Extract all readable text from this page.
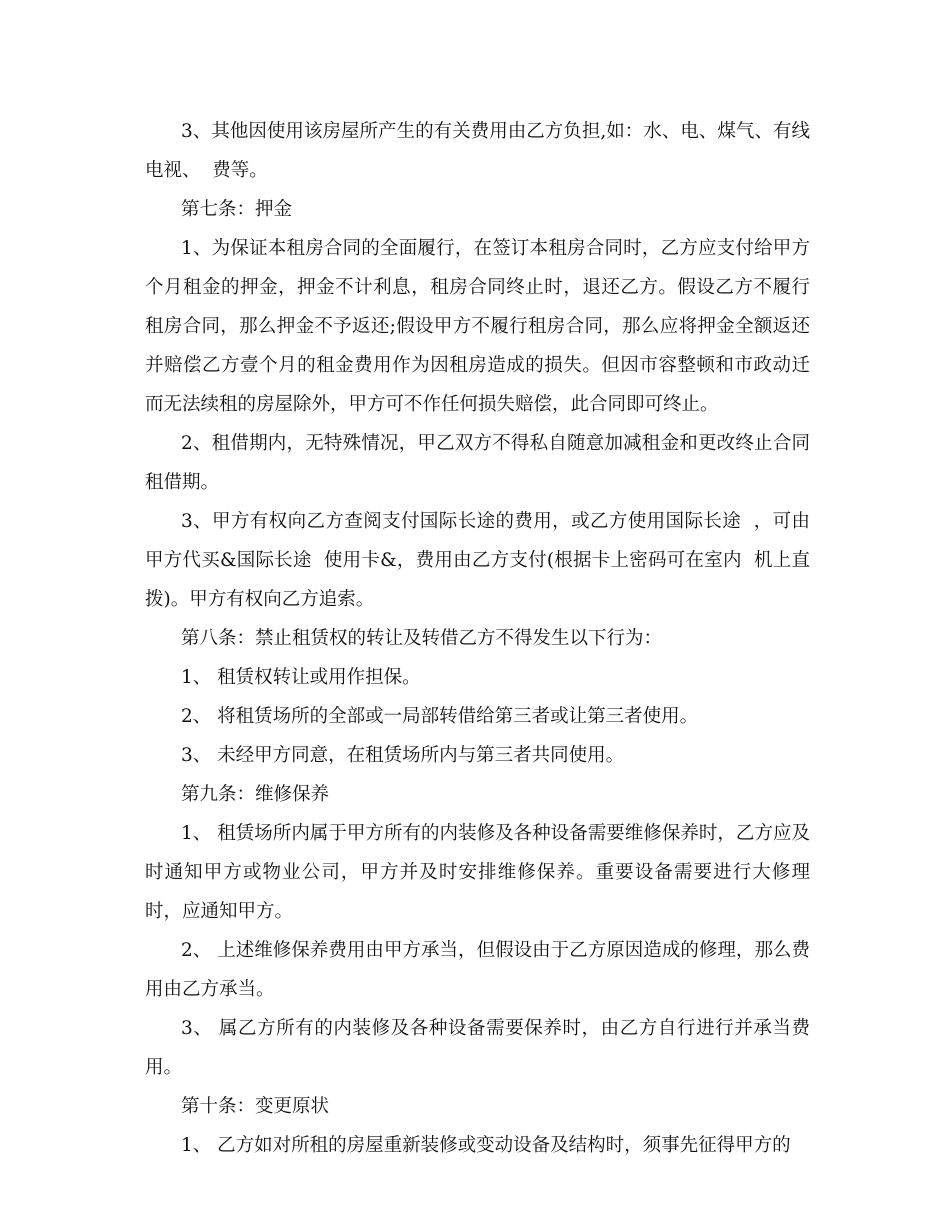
3、其他因使用该房屋所产生的有关费用由乙方负担,如：水、电、煤气、有线电视、  费等。

第七条：押金

1、为保证本租房合同的全面履行，在签订本租房合同时，乙方应支付给甲方个月租金的押金，押金不计利息，租房合同终止时，退还乙方。假设乙方不履行租房合同，那么押金不予返还;假设甲方不履行租房合同，那么应将押金全额返还并赔偿乙方壹个月的租金费用作为因租房造成的损失。但因市容整顿和市政动迁而无法续租的房屋除外，甲方可不作任何损失赔偿，此合同即可终止。

2、租借期内，无特殊情况，甲乙双方不得私自随意加减租金和更改终止合同租借期。

3、甲方有权向乙方查阅支付国际长途的费用，或乙方使用国际长途  ，可由甲方代买&国际长途  使用卡&，费用由乙方支付(根据卡上密码可在室内  机上直拨)。甲方有权向乙方追索。

第八条：禁止租赁权的转让及转借乙方不得发生以下行为：

1、 租赁权转让或用作担保。

2、 将租赁场所的全部或一局部转借给第三者或让第三者使用。

3、 未经甲方同意，在租赁场所内与第三者共同使用。

第九条：维修保养

1、 租赁场所内属于甲方所有的内装修及各种设备需要维修保养时，乙方应及时通知甲方或物业公司，甲方并及时安排维修保养。重要设备需要进行大修理时，应通知甲方。

2、 上述维修保养费用由甲方承当，但假设由于乙方原因造成的修理，那么费用由乙方承当。

3、 属乙方所有的内装修及各种设备需要保养时，由乙方自行进行并承当费用。

第十条：变更原状

1、 乙方如对所租的房屋重新装修或变动设备及结构时，须事先征得甲方的
